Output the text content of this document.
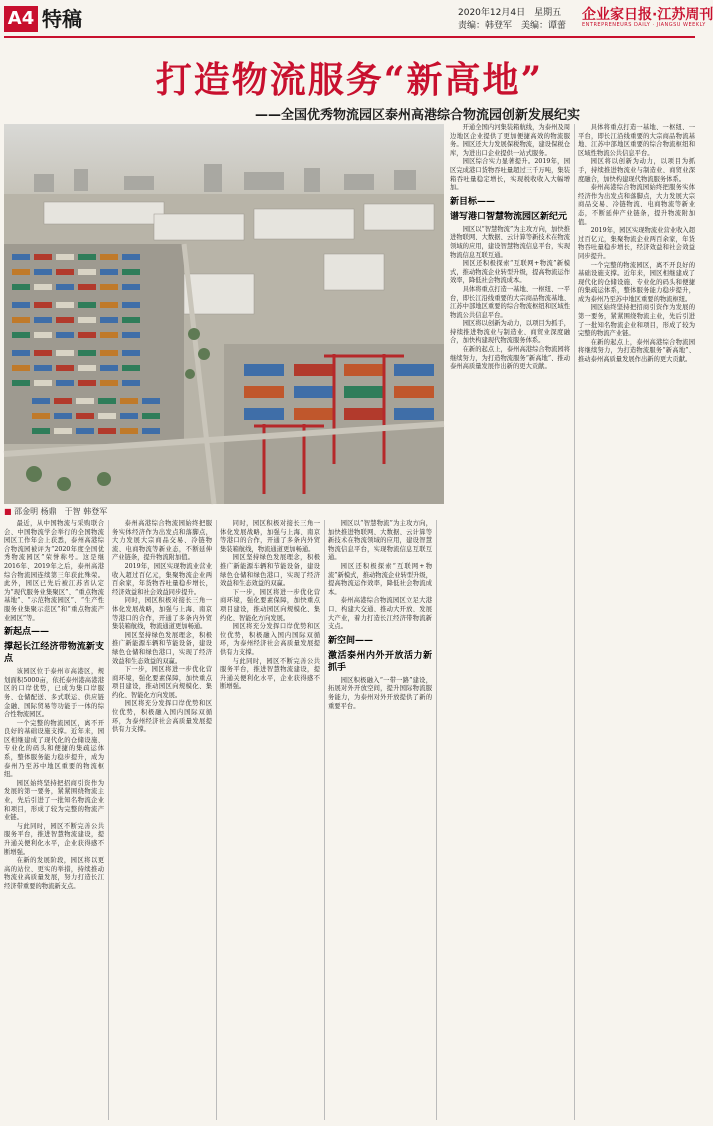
A4 特稿	2020年12月4日　星期五
责编：韩登军　美编：谭蕾
企业家日报·江苏周刊
ENTREPRENEURS DAILY · JIANGSU WEEKLY
打造物流服务“新高地”
——全国优秀物流园区泰州高港综合物流园创新发展纪实
■ 邵金明 杨鼎　于智 韩登军

最近，从中国物流与采购联合会、中国物流学会举行的全国物流园区工作年会上获悉，泰州高港综合物流园被评为“2020年度全国优秀物流园区”荣誉称号。这是继2016年、2019年之后，泰州高港综合物流园连续第三年获此殊荣。此外，园区已先后被江苏省认定为“现代服务业集聚区”、“重点物流基地”、“示范物流园区”、“生产性服务业集聚示范区”和“重点物流产业园区”等。

新起点——

撑起长江经济带物流新支点

该园区位于泰州市高港区，规划面积5000亩，依托泰州港高港港区的口岸优势，已成为集口岸服务、仓储配送、多式联运、供应链金融、国际贸易等功能于一体的综合性物流园区。

一个完整的物流园区，离不开良好的基础设施支撑。近年来，园区相继建成了现代化的仓储设施、专业化的码头和便捷的集疏运体系，整体服务能力稳步提升，成为泰州乃至苏中地区重要的物流枢纽。

园区始终坚持把招商引资作为发展的第一要务，紧紧围绕物流主业，先后引进了一批知名物流企业和项目，形成了较为完整的物流产业链。

与此同时，园区不断完善公共服务平台，推进智慧物流建设，提升通关便利化水平，企业获得感不断增强。

在新的发展阶段，园区将以更高的站位、更实的举措，持续推动物流业高质量发展，努力打造长江经济带重要的物流新支点。

泰州高港综合物流园始终把服务实体经济作为出发点和落脚点，大力发展大宗商品交易、冷链物流、电商物流等新业态，不断延伸产业链条，提升物流附加值。

2019年，园区实现物流业营业收入超过百亿元，集聚物流企业两百余家，年货物吞吐量稳步增长，经济效益和社会效益同步提升。

同时，园区积极对接长三角一体化发展战略，加强与上海、南京等港口的合作，开通了多条内外贸集装箱航线，物流通道更加畅通。

园区坚持绿色发展理念，积极推广新能源车辆和节能设备，建设绿色仓储和绿色港口，实现了经济效益和生态效益的双赢。

下一步，园区将进一步优化营商环境，强化要素保障，加快重点项目建设，推动园区向规模化、集约化、智能化方向发展。

园区将充分发挥口岸优势和区位优势，积极融入国内国际双循环，为泰州经济社会高质量发展提供有力支撑。

同时，园区积极对接长三角一体化发展战略，加强与上海、南京等港口的合作，开通了多条内外贸集装箱航线，物流通道更加畅通。

园区坚持绿色发展理念，积极推广新能源车辆和节能设备，建设绿色仓储和绿色港口，实现了经济效益和生态效益的双赢。

下一步，园区将进一步优化营商环境，强化要素保障，加快重点项目建设，推动园区向规模化、集约化、智能化方向发展。

园区将充分发挥口岸优势和区位优势，积极融入国内国际双循环，为泰州经济社会高质量发展提供有力支撑。

与此同时，园区不断完善公共服务平台，推进智慧物流建设，提升通关便利化水平，企业获得感不断增强。

园区以“智慧物流”为主攻方向，加快推进物联网、大数据、云计算等新技术在物流领域的应用，建设智慧物流信息平台，实现物流信息互联互通。

园区还积极探索“互联网+物流”新模式，推动物流企业转型升级，提高物流运作效率，降低社会物流成本。

泰州高港综合物流园区立足大港口、构建大交通、推动大开放、发展大产业，着力打造长江经济带物流新支点。

新空间——

激活泰州内外开放活力新抓手

园区积极融入“一带一路”建设，拓展对外开放空间，提升国际物流服务能力，为泰州对外开放提供了新的重要平台。

开通全国内河集装箱航线，为泰州及周边地区企业提供了更加便捷高效的物流服务。园区还大力发展保税物流，建设保税仓库，为进出口企业提供一站式服务。

园区综合实力显著提升。2019年，园区完成港口货物吞吐量超过三千万吨，集装箱吞吐量稳定增长，实现税收收入大幅增加。

新目标——

谱写港口智慧物流园区新纪元

园区以“智慧物流”为主攻方向，加快推进物联网、大数据、云计算等新技术在物流领域的应用，建设智慧物流信息平台，实现物流信息互联互通。

园区还积极探索“互联网+物流”新模式，推动物流企业转型升级，提高物流运作效率，降低社会物流成本。

具体将重点打造一基地、一枢纽、一平台，即长江沿线重要的大宗商品物流基地、江苏中部地区重要的综合物流枢纽和区域性物流公共信息平台。

园区将以创新为动力，以项目为抓手，持续推进物流业与制造业、商贸业深度融合，加快构建现代物流服务体系。

在新的起点上，泰州高港综合物流园将继续努力，为打造物流服务“新高地”、推动泰州高质量发展作出新的更大贡献。

具体将重点打造一基地、一枢纽、一平台，即长江沿线重要的大宗商品物流基地、江苏中部地区重要的综合物流枢纽和区域性物流公共信息平台。

园区将以创新为动力，以项目为抓手，持续推进物流业与制造业、商贸业深度融合，加快构建现代物流服务体系。

泰州高港综合物流园始终把服务实体经济作为出发点和落脚点，大力发展大宗商品交易、冷链物流、电商物流等新业态，不断延伸产业链条，提升物流附加值。

2019年，园区实现物流业营业收入超过百亿元，集聚物流企业两百余家，年货物吞吐量稳步增长，经济效益和社会效益同步提升。

一个完整的物流园区，离不开良好的基础设施支撑。近年来，园区相继建成了现代化的仓储设施、专业化的码头和便捷的集疏运体系，整体服务能力稳步提升，成为泰州乃至苏中地区重要的物流枢纽。

园区始终坚持把招商引资作为发展的第一要务，紧紧围绕物流主业，先后引进了一批知名物流企业和项目，形成了较为完整的物流产业链。

在新的起点上，泰州高港综合物流园将继续努力，为打造物流服务“新高地”、推动泰州高质量发展作出新的更大贡献。
